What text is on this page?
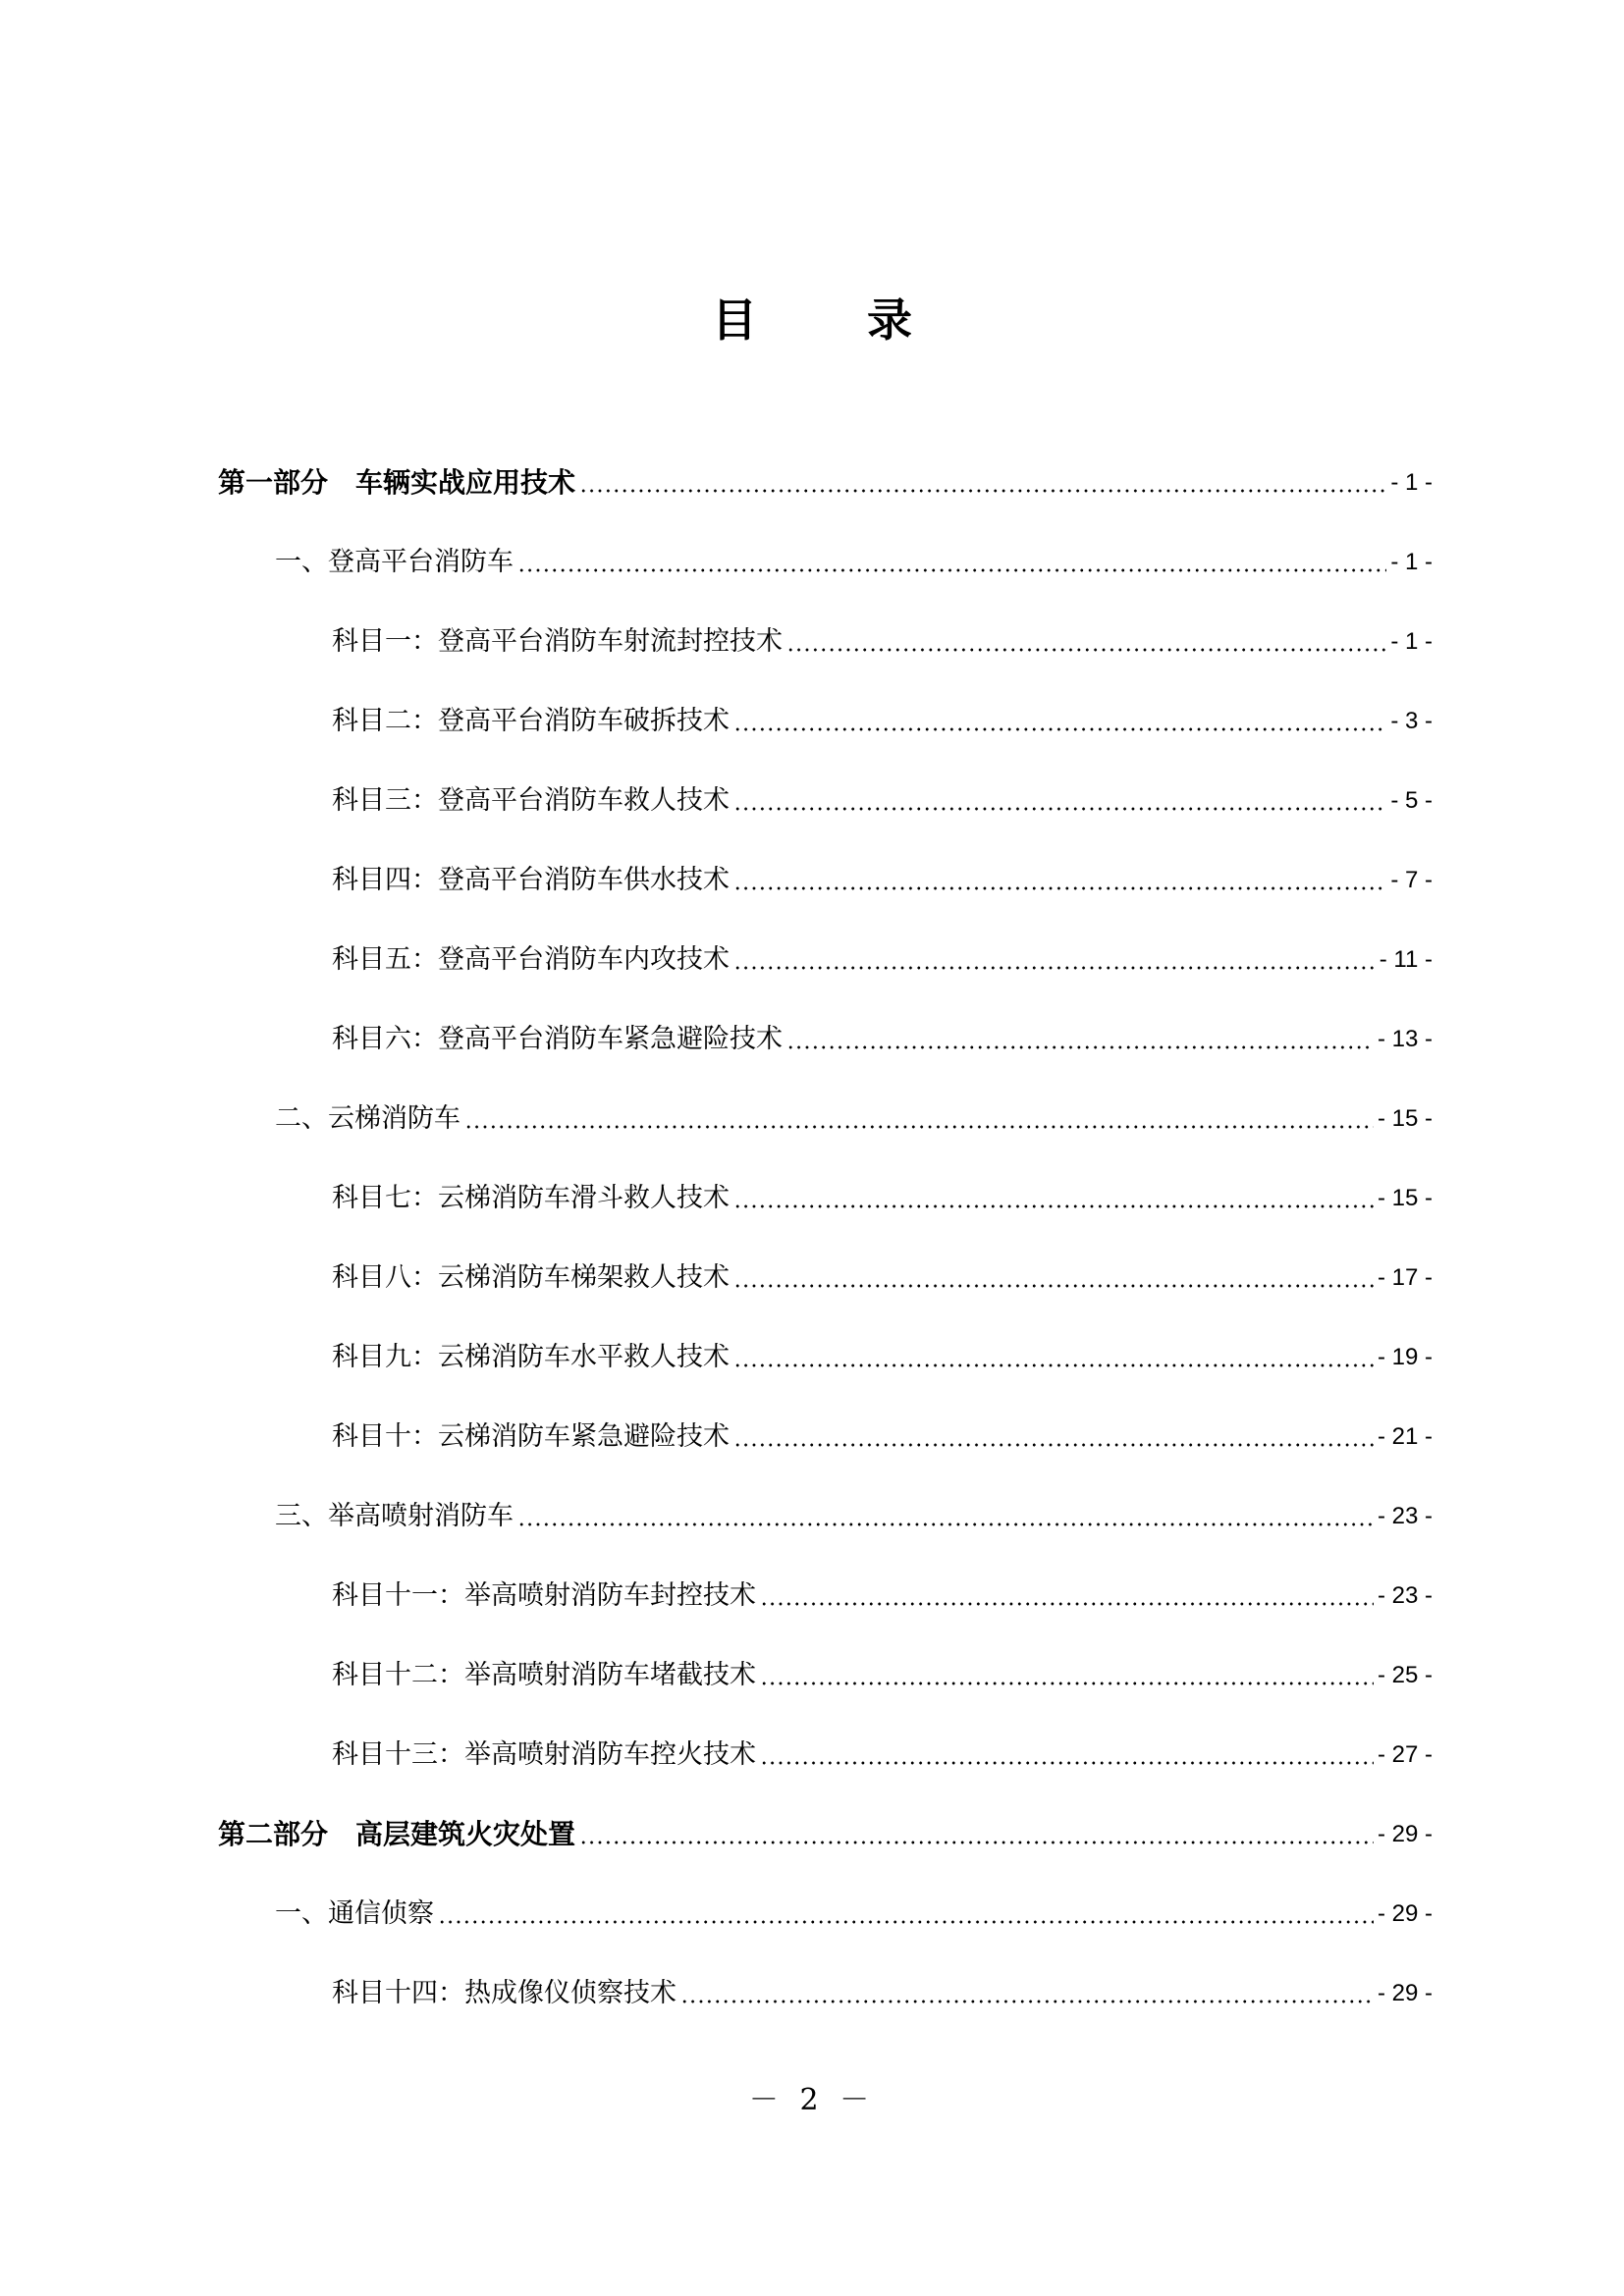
目 录
第一部分 车辆实战应用技术	- 1 -
一、登高平台消防车	- 1 -
科目一：登高平台消防车射流封控技术	- 1 -
科目二：登高平台消防车破拆技术	- 3 -
科目三：登高平台消防车救人技术	- 5 -
科目四：登高平台消防车供水技术	- 7 -
科目五：登高平台消防车内攻技术	- 11 -
科目六：登高平台消防车紧急避险技术	- 13 -
二、云梯消防车	- 15 -
科目七：云梯消防车滑斗救人技术	- 15 -
科目八：云梯消防车梯架救人技术	- 17 -
科目九：云梯消防车水平救人技术	- 19 -
科目十：云梯消防车紧急避险技术	- 21 -
三、举高喷射消防车	- 23 -
科目十一：举高喷射消防车封控技术	- 23 -
科目十二：举高喷射消防车堵截技术	- 25 -
科目十三：举高喷射消防车控火技术	- 27 -
第二部分 高层建筑火灾处置	- 29 -
一、通信侦察	- 29 -
科目十四：热成像仪侦察技术	- 29 -
－ 2 －
